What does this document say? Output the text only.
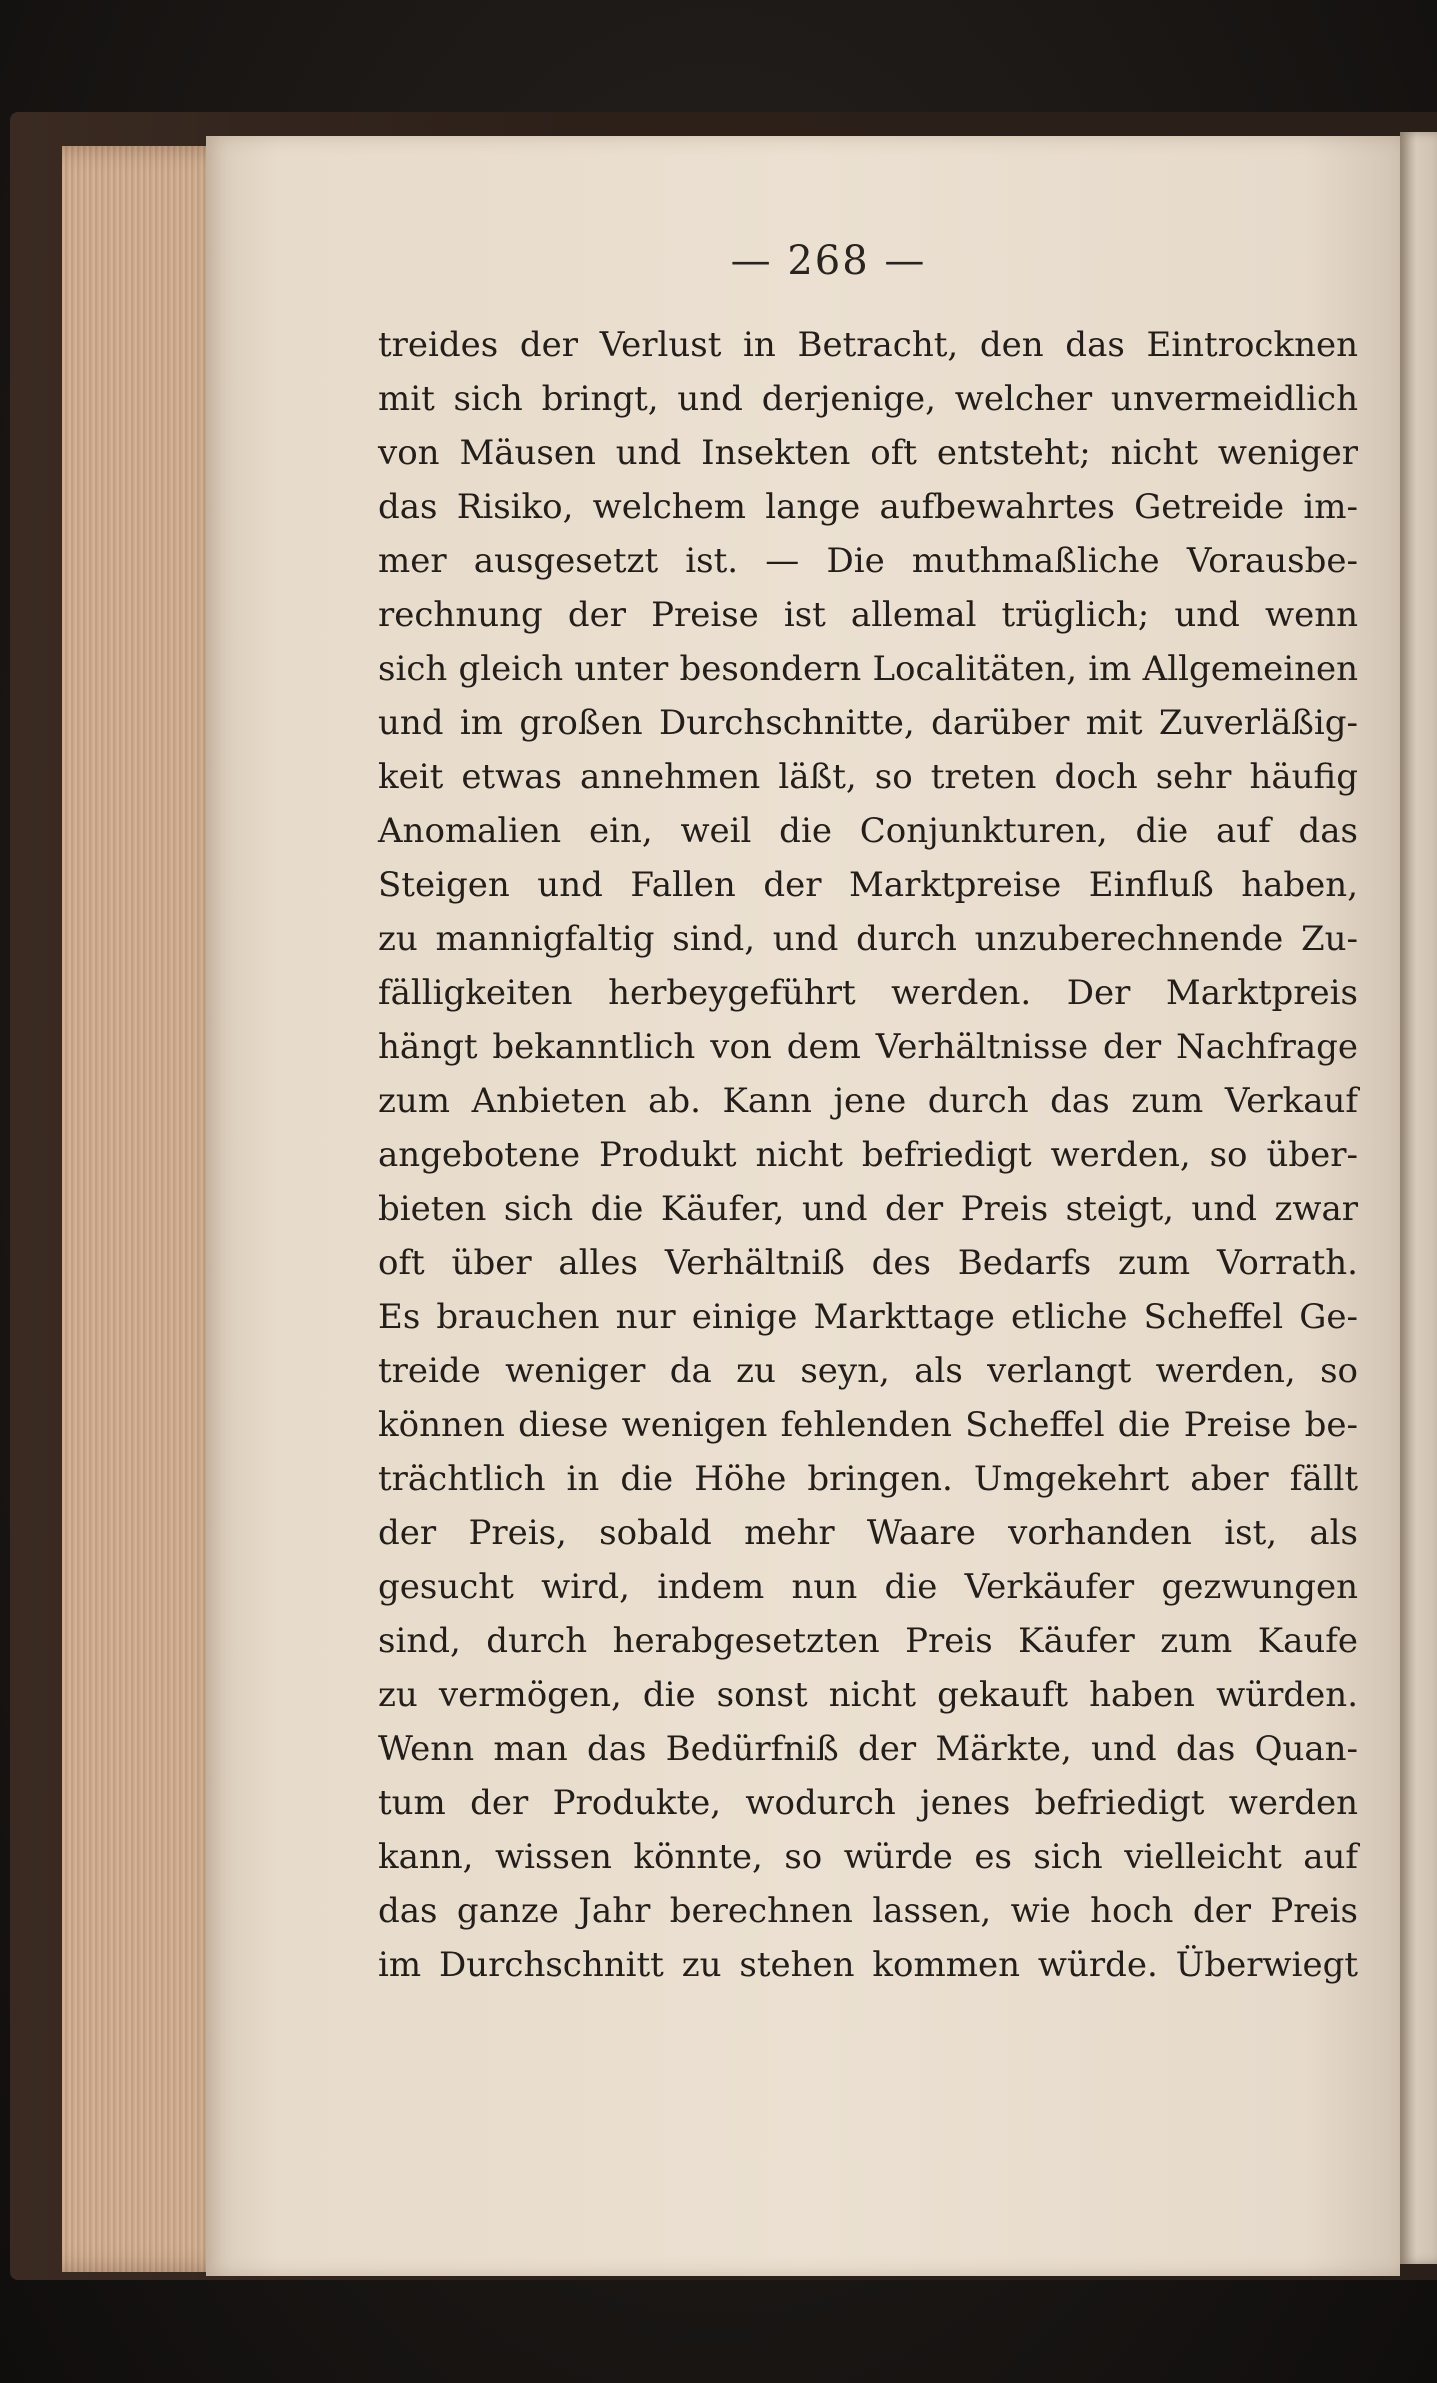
— 268 —
treides der Verlust in Betracht, den das Eintrocknen
mit sich bringt, und derjenige, welcher unvermeidlich
von Mäusen und Insekten oft entsteht; nicht weniger
das Risiko, welchem lange aufbewahrtes Getreide im-
mer ausgesetzt ist. — Die muthmaßliche Vorausbe-
rechnung der Preise ist allemal trüglich; und wenn
sich gleich unter besondern Localitäten, im Allgemeinen
und im großen Durchschnitte, darüber mit Zuverläßig-
keit etwas annehmen läßt, so treten doch sehr häufig
Anomalien ein, weil die Conjunkturen, die auf das
Steigen und Fallen der Marktpreise Einfluß haben,
zu mannigfaltig sind, und durch unzuberechnende Zu-
fälligkeiten herbeygeführt werden. Der Marktpreis
hängt bekanntlich von dem Verhältnisse der Nachfrage
zum Anbieten ab. Kann jene durch das zum Verkauf
angebotene Produkt nicht befriedigt werden, so über-
bieten sich die Käufer, und der Preis steigt, und zwar
oft über alles Verhältniß des Bedarfs zum Vorrath.
Es brauchen nur einige Markttage etliche Scheffel Ge-
treide weniger da zu seyn, als verlangt werden, so
können diese wenigen fehlenden Scheffel die Preise be-
trächtlich in die Höhe bringen. Umgekehrt aber fällt
der Preis, sobald mehr Waare vorhanden ist, als
gesucht wird, indem nun die Verkäufer gezwungen
sind, durch herabgesetzten Preis Käufer zum Kaufe
zu vermögen, die sonst nicht gekauft haben würden.
Wenn man das Bedürfniß der Märkte, und das Quan-
tum der Produkte, wodurch jenes befriedigt werden
kann, wissen könnte, so würde es sich vielleicht auf
das ganze Jahr berechnen lassen, wie hoch der Preis
im Durchschnitt zu stehen kommen würde. Überwiegt
